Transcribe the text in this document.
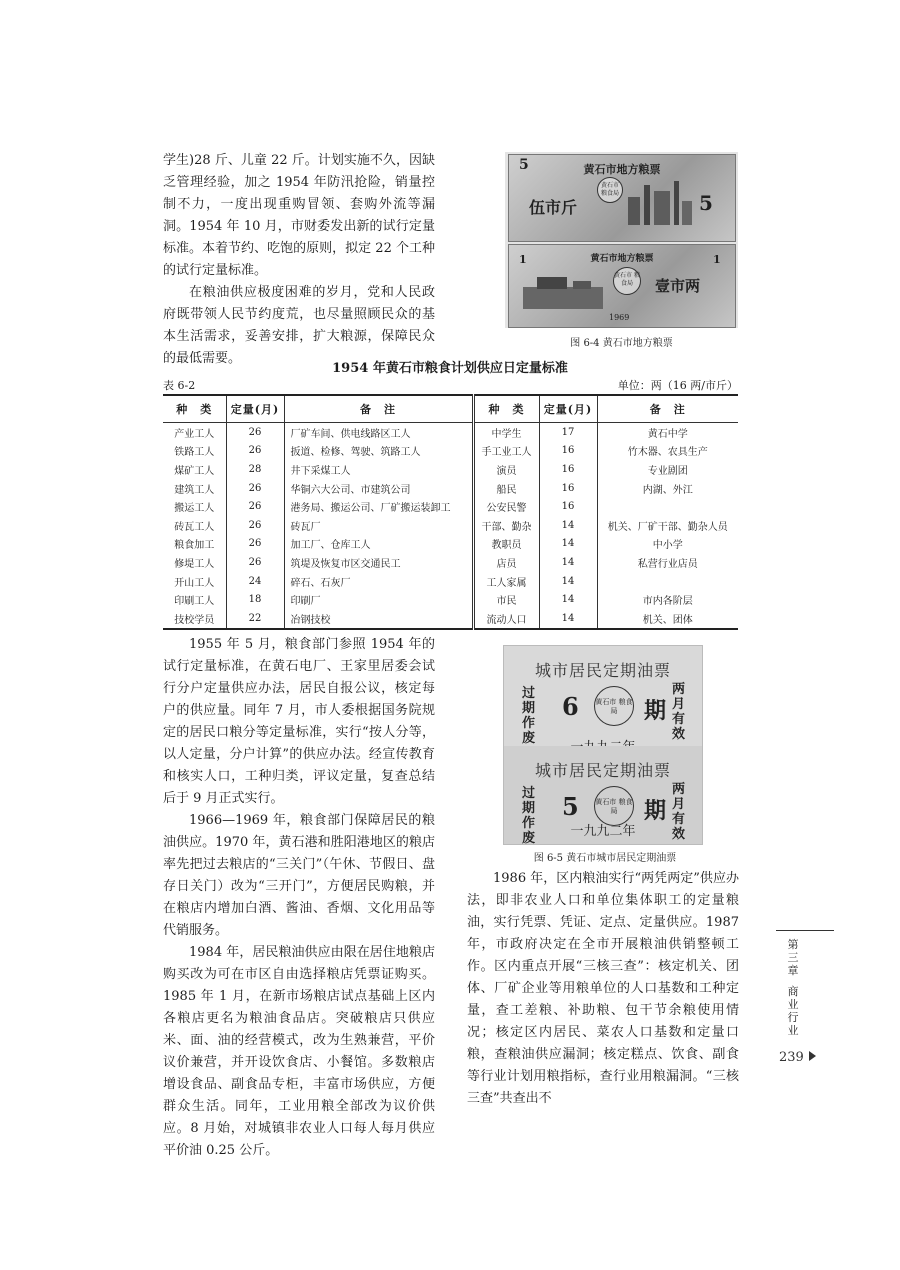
学生)28 斤、儿童 22 斤。计划实施不久，因缺乏管理经验，加之 1954 年防汛抢险，销量控制不力，一度出现重购冒领、套购外流等漏洞。1954 年 10 月，市财委发出新的试行定量标准。本着节约、吃饱的原则，拟定 22 个工种的试行定量标准。

在粮油供应极度困难的岁月，党和人民政府既带领人民节约度荒，也尽量照顾民众的基本生活需求，妥善安排，扩大粮源，保障民众的最低需要。

黄石市地方粮票
5
伍市斤
黄石市 粮食局	5
黄石市地方粮票
1	1
黄石市 粮食局	壹市两
1969
图 6-4 黄石市地方粮票
1954 年黄石市粮食计划供应日定量标准
表 6-2	单位：两（16 两/市斤）
种　类	定量(月)	备　注	种　类	定量(月)	备　注
产业工人	26	厂矿车间、供电线路区工人	中学生	17	黄石中学
铁路工人	26	扳道、检修、驾驶、筑路工人	手工业工人	16	竹木器、农具生产
煤矿工人	28	井下采煤工人	演员	16	专业剧团
建筑工人	26	华铜六大公司、市建筑公司	船民	16	内湖、外江
搬运工人	26	港务局、搬运公司、厂矿搬运装卸工	公安民警	16	
砖瓦工人	26	砖瓦厂	干部、勤杂	14	机关、厂矿干部、勤杂人员
粮食加工	26	加工厂、仓库工人	教职员	14	中小学
修堤工人	26	筑堤及恢复市区交通民工	店员	14	私营行业店员
开山工人	24	碎石、石灰厂	工人家属	14	
印刷工人	18	印刷厂	市民	14	市内各阶层
技校学员	22	冶钢技校	流动人口	14	机关、团体

1955 年 5 月，粮食部门参照 1954 年的试行定量标准，在黄石电厂、王家里居委会试行分户定量供应办法，居民自报公议，核定每户的供应量。同年 7 月，市人委根据国务院规定的居民口粮分等定量标准，实行“按人分等，以人定量，分户计算”的供应办法。经宣传教育和核实人口，工种归类，评议定量，复查总结后于 9 月正式实行。

1966—1969 年，粮食部门保障居民的粮油供应。1970 年，黄石港和胜阳港地区的粮店率先把过去粮店的“三关门”（午休、节假日、盘存日关门）改为“三开门”，方便居民购粮，并在粮店内增加白酒、酱油、香烟、文化用品等代销服务。

1984 年，居民粮油供应由限在居住地粮店购买改为可在市区自由选择粮店凭票证购买。1985 年 1 月，在新市场粮店试点基础上区内各粮店更名为粮油食品店。突破粮店只供应米、面、油的经营模式，改为生熟兼营，平价议价兼营，并开设饮食店、小餐馆。多数粮店增设食品、副食品专柜，丰富市场供应，方便群众生活。同年，工业用粮全部改为议价供应。8 月始，对城镇非农业人口每人每月供应平价油 0.25 公斤。

城市居民定期油票
过期作废
6 黄石市 粮食局	期
两月有效
城市居民定期油票
过期作废
5 黄石市 粮食局	期
两月有效
一九九二年
图 6-5 黄石市城市居民定期油票

1986 年，区内粮油实行“两凭两定”供应办法，即非农业人口和单位集体职工的定量粮油，实行凭票、凭证、定点、定量供应。1987 年，市政府决定在全市开展粮油供销整顿工作。区内重点开展“三核三查”：核定机关、团体、厂矿企业等用粮单位的人口基数和工种定量，查工差粮、补助粮、包干节余粮使用情况；核定区内居民、菜农人口基数和定量口粮，查粮油供应漏洞；核定糕点、饮食、副食等行业计划用粮指标，查行业用粮漏洞。“三核三查”共查出不

第三章
商业行业
239
